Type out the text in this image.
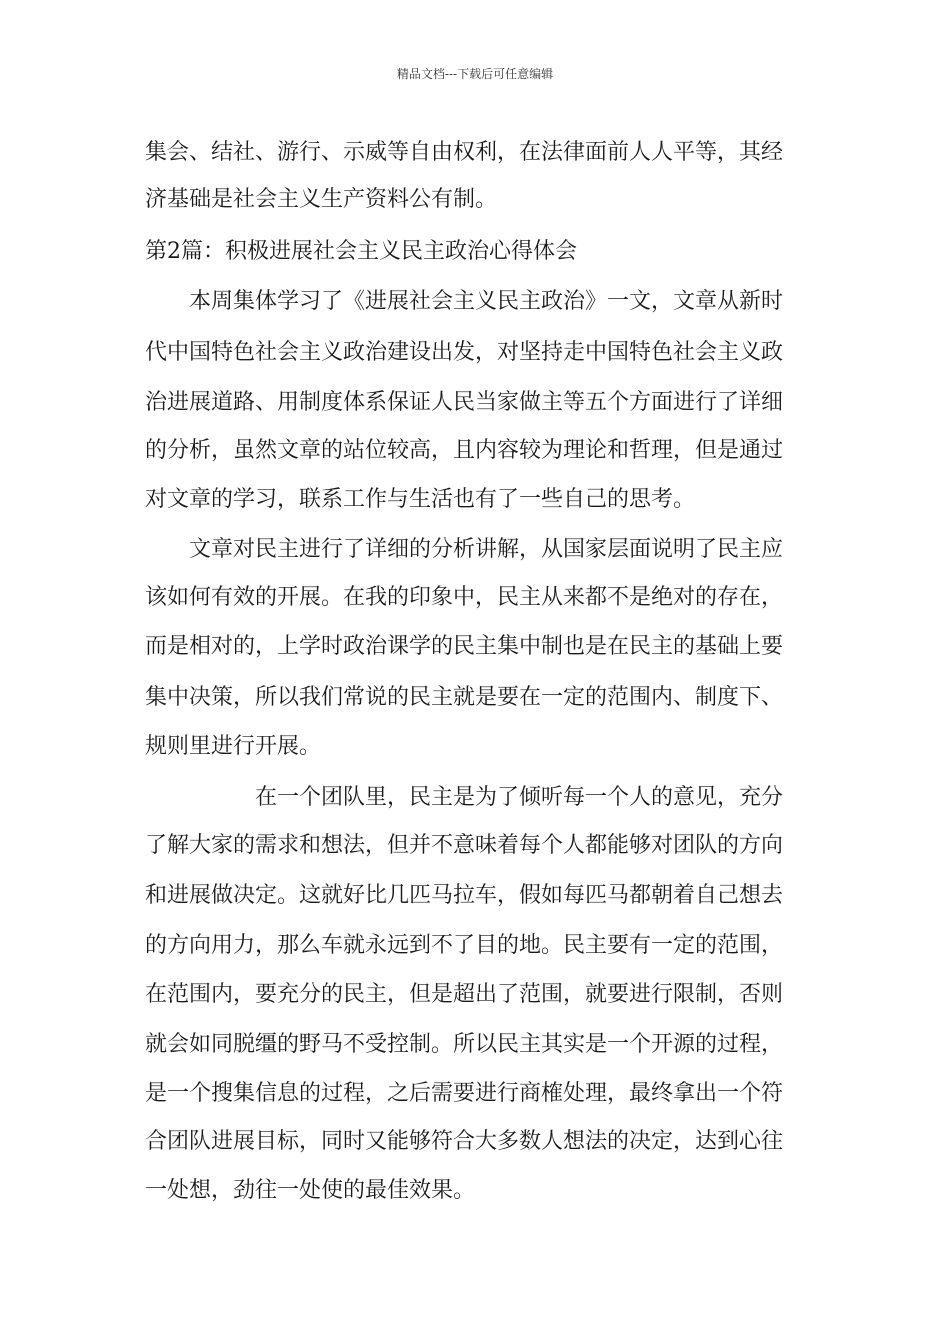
精品文档---下载后可任意编辑
集会、结社、游行、示威等自由权利，在法律面前人人平等，其经
济基础是社会主义生产资料公有制。
第2篇：积极进展社会主义民主政治心得体会
　　本周集体学习了《进展社会主义民主政治》一文，文章从新时
代中国特色社会主义政治建设出发，对坚持走中国特色社会主义政
治进展道路、用制度体系保证人民当家做主等五个方面进行了详细
的分析，虽然文章的站位较高，且内容较为理论和哲理，但是通过
对文章的学习，联系工作与生活也有了一些自己的思考。
　　文章对民主进行了详细的分析讲解，从国家层面说明了民主应
该如何有效的开展。在我的印象中，民主从来都不是绝对的存在，
而是相对的，上学时政治课学的民主集中制也是在民主的基础上要
集中决策，所以我们常说的民主就是要在一定的范围内、制度下、
规则里进行开展。
　　　　　在一个团队里，民主是为了倾听每一个人的意见，充分
了解大家的需求和想法，但并不意味着每个人都能够对团队的方向
和进展做决定。这就好比几匹马拉车，假如每匹马都朝着自己想去
的方向用力，那么车就永远到不了目的地。民主要有一定的范围，
在范围内，要充分的民主，但是超出了范围，就要进行限制，否则
就会如同脱缰的野马不受控制。所以民主其实是一个开源的过程，
是一个搜集信息的过程，之后需要进行商榷处理，最终拿出一个符
合团队进展目标，同时又能够符合大多数人想法的决定，达到心往
一处想，劲往一处使的最佳效果。
